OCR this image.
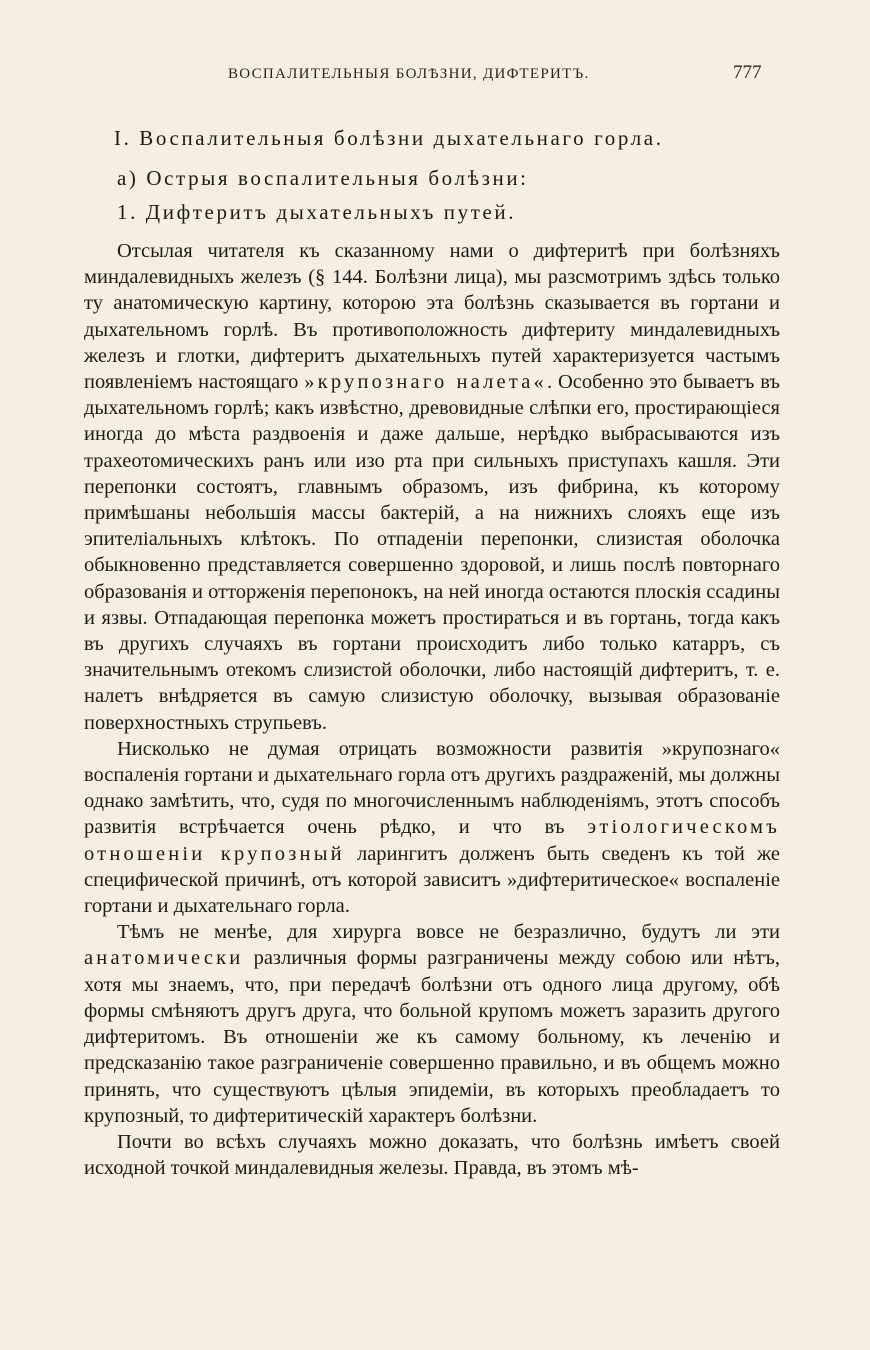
ВОСПАЛИТЕЛЬНЫЯ БОЛѢЗНИ, ДИФТЕРИТЪ.	777
I. Воспалительныя болѣзни дыхательнаго горла.
а) Острыя воспалительныя болѣзни:
1. Дифтеритъ дыхательныхъ путей.

Отсылая читателя къ сказанному нами о дифтеритѣ при болѣзняхъ миндалевидныхъ железъ (§ 144. Болѣзни лица), мы разсмотримъ здѣсь только ту анатомическую картину, которою эта болѣзнь сказывается въ гортани и дыхательномъ горлѣ. Въ противоположность дифтериту миндалевидныхъ железъ и глотки, дифтеритъ дыхательныхъ путей характеризуется частымъ появленіемъ настоящаго »крупознаго налета«. Особенно это бываетъ въ дыхательномъ горлѣ; какъ извѣстно, древовидные слѣпки его, простирающіеся иногда до мѣста раздвоенія и даже дальше, нерѣдко выбрасываются изъ трахеотомическихъ ранъ или изо рта при сильныхъ приступахъ кашля. Эти перепонки состоятъ, главнымъ образомъ, изъ фибрина, къ которому примѣшаны небольшія массы бактерій, а на нижнихъ слояхъ еще изъ эпителіальныхъ клѣтокъ. По отпаденіи перепонки, слизистая оболочка обыкновенно представляется совершенно здоровой, и лишь послѣ повторнаго образованія и отторженія перепонокъ, на ней иногда остаются плоскія ссадины и язвы. Отпадающая перепонка можетъ простираться и въ гортань, тогда какъ въ другихъ случаяхъ въ гортани происходитъ либо только катарръ, съ значительнымъ отекомъ слизистой оболочки, либо настоящій дифтеритъ, т. е. налетъ внѣдряется въ самую слизистую оболочку, вызывая образованіе поверхностныхъ струпьевъ.

Нисколько не думая отрицать возможности развитія »крупознаго« воспаленія гортани и дыхательнаго горла отъ другихъ раздраженій, мы должны однако замѣтить, что, судя по многочисленнымъ наблюденіямъ, этотъ способъ развитія встрѣчается очень рѣдко, и что въ этіологическомъ отношеніи крупозный ларингитъ долженъ быть сведенъ къ той же специфической причинѣ, отъ которой зависитъ »дифтеритическое« воспаленіе гортани и дыхательнаго горла.

Тѣмъ не менѣе, для хирурга вовсе не безразлично, будутъ ли эти анатомически различныя формы разграничены между собою или нѣтъ, хотя мы знаемъ, что, при передачѣ болѣзни отъ одного лица другому, обѣ формы смѣняютъ другъ друга, что больной крупомъ можетъ заразить другого дифтеритомъ. Въ отношеніи же къ самому больному, къ леченію и предсказанію такое разграниченіе совершенно правильно, и въ общемъ можно принять, что существуютъ цѣлыя эпидеміи, въ которыхъ преобладаетъ то крупозный, то дифтеритическій характеръ болѣзни.

Почти во всѣхъ случаяхъ можно доказать, что болѣзнь имѣетъ своей исходной точкой миндалевидныя железы. Правда, въ этомъ мѣ-
